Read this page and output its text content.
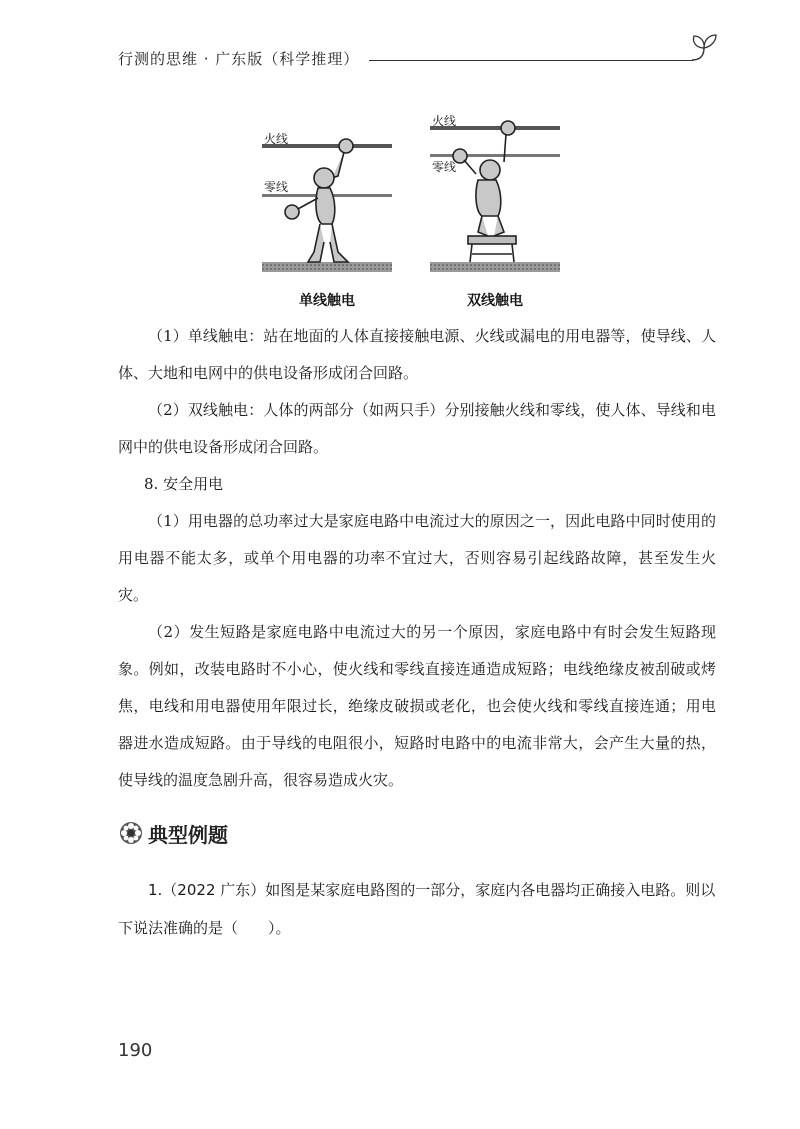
行测的思维 · 广东版（科学推理）
火线
零线
单线触电
火线
零线
双线触电

（1）单线触电：站在地面的人体直接接触电源、火线或漏电的用电器等，使导线、人体、大地和电网中的供电设备形成闭合回路。

（2）双线触电：人体的两部分（如两只手）分别接触火线和零线，使人体、导线和电网中的供电设备形成闭合回路。

8. 安全用电

（1）用电器的总功率过大是家庭电路中电流过大的原因之一，因此电路中同时使用的用电器不能太多，或单个用电器的功率不宜过大，否则容易引起线路故障，甚至发生火灾。

（2）发生短路是家庭电路中电流过大的另一个原因，家庭电路中有时会发生短路现象。例如，改装电路时不小心，使火线和零线直接连通造成短路；电线绝缘皮被刮破或烤焦，电线和用电器使用年限过长，绝缘皮破损或老化，也会使火线和零线直接连通；用电器进水造成短路。由于导线的电阻很小，短路时电路中的电流非常大，会产生大量的热，使导线的温度急剧升高，很容易造成火灾。

典型例题

1.（2022 广东）如图是某家庭电路图的一部分，家庭内各电器均正确接入电路。则以下说法准确的是（　　）。

190
